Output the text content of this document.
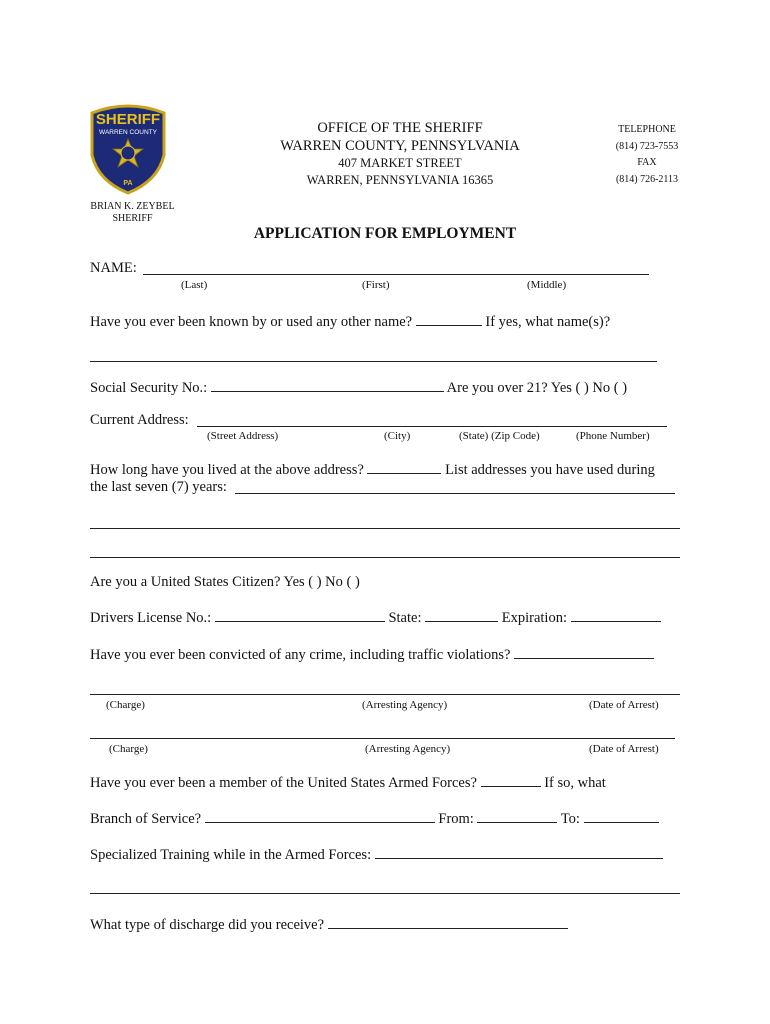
SHERIFF
WARREN COUNTY
PA
BRIAN K. ZEYBEL
SHERIFF
OFFICE OF THE SHERIFF
WARREN COUNTY, PENNSYLVANIA
407 MARKET STREET
WARREN, PENNSYLVANIA 16365
TELEPHONE
(814) 723-7553
FAX
(814) 726-2113
APPLICATION FOR EMPLOYMENT
NAME:
(Last)	(First)	(Middle)
Have you ever been known by or used any other name?	If yes, what name(s)?
Social Security No.:	Are you over 21? Yes ( ) No ( )
Current Address:
(Street Address)	(City)	(State) (Zip Code)	(Phone Number)
How long have you lived at the above address?	List addresses you have used during
the last seven (7) years:
Are you a United States Citizen? Yes ( ) No ( )
Drivers License No.:	State:	Expiration:
Have you ever been convicted of any crime, including traffic violations?
(Charge)	(Arresting Agency)	(Date of Arrest)
(Charge)	(Arresting Agency)	(Date of Arrest)
Have you ever been a member of the United States Armed Forces?	If so, what
Branch of Service?	From:	To:
Specialized Training while in the Armed Forces:
What type of discharge did you receive?
